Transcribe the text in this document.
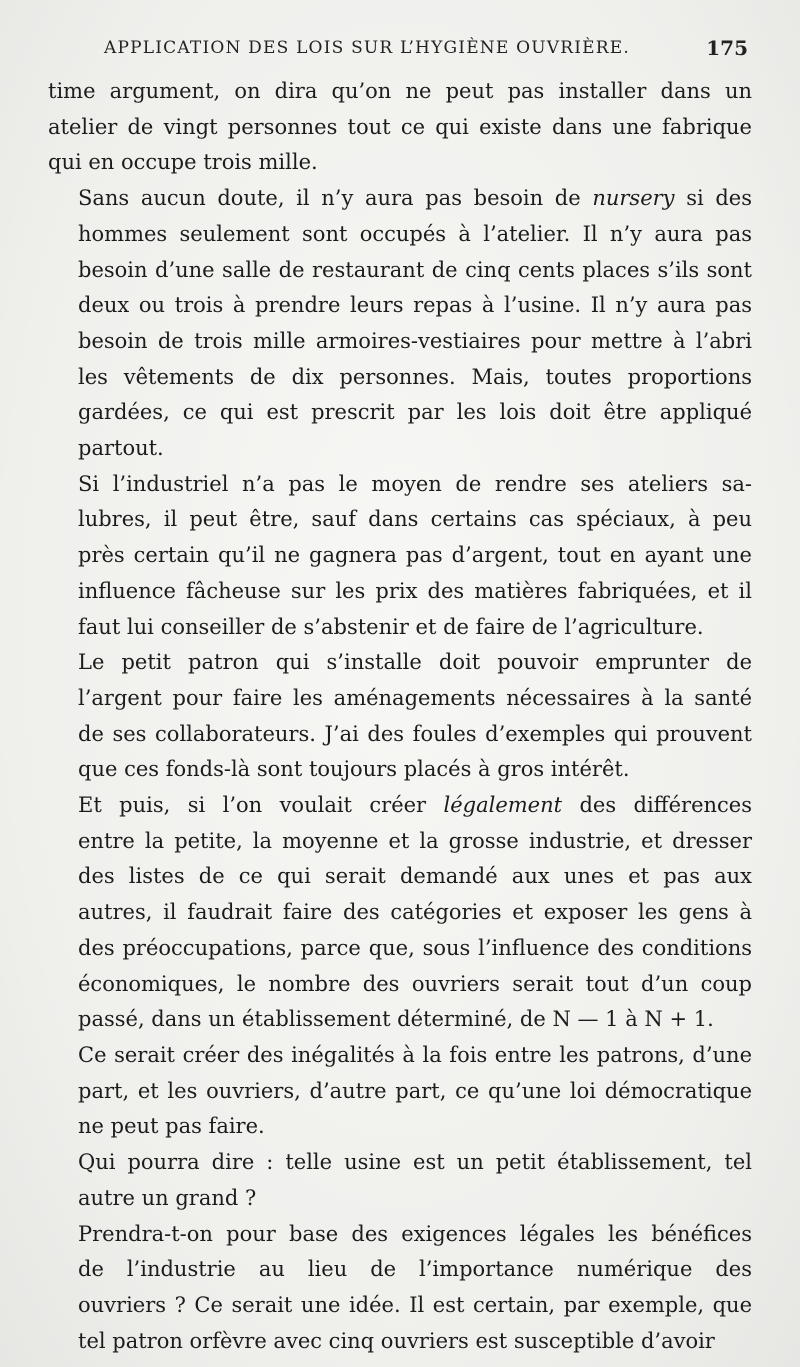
APPLICATION DES LOIS SUR L’HYGIÈNE OUVRIÈRE.	175

time argument, on dira qu’on ne peut pas installer dans un
atelier de vingt personnes tout ce qui existe dans une fabrique
qui en occupe trois mille.

Sans aucun doute, il n’y aura pas besoin de nursery si des
hommes seulement sont occupés à l’atelier. Il n’y aura pas
besoin d’une salle de restaurant de cinq cents places s’ils sont
deux ou trois à prendre leurs repas à l’usine. Il n’y aura pas
besoin de trois mille armoires-vestiaires pour mettre à l’abri
les vêtements de dix personnes. Mais, toutes proportions
gardées, ce qui est prescrit par les lois doit être appliqué
partout.

Si l’industriel n’a pas le moyen de rendre ses ateliers sa-
lubres, il peut être, sauf dans certains cas spéciaux, à peu
près certain qu’il ne gagnera pas d’argent, tout en ayant une
influence fâcheuse sur les prix des matières fabriquées, et il
faut lui conseiller de s’abstenir et de faire de l’agriculture.

Le petit patron qui s’installe doit pouvoir emprunter de
l’argent pour faire les aménagements nécessaires à la santé
de ses collaborateurs. J’ai des foules d’exemples qui prouvent
que ces fonds-là sont toujours placés à gros intérêt.

Et puis, si l’on voulait créer légalement des différences
entre la petite, la moyenne et la grosse industrie, et dresser
des listes de ce qui serait demandé aux unes et pas aux
autres, il faudrait faire des catégories et exposer les gens à
des préoccupations, parce que, sous l’influence des conditions
économiques, le nombre des ouvriers serait tout d’un coup
passé, dans un établissement déterminé, de N — 1 à N + 1.

Ce serait créer des inégalités à la fois entre les patrons, d’une
part, et les ouvriers, d’autre part, ce qu’une loi démocratique
ne peut pas faire.

Qui pourra dire : telle usine est un petit établissement, tel
autre un grand ?

Prendra-t-on pour base des exigences légales les bénéfices
de l’industrie au lieu de l’importance numérique des
ouvriers ? Ce serait une idée. Il est certain, par exemple, que
tel patron orfèvre avec cinq ouvriers est susceptible d’avoir
